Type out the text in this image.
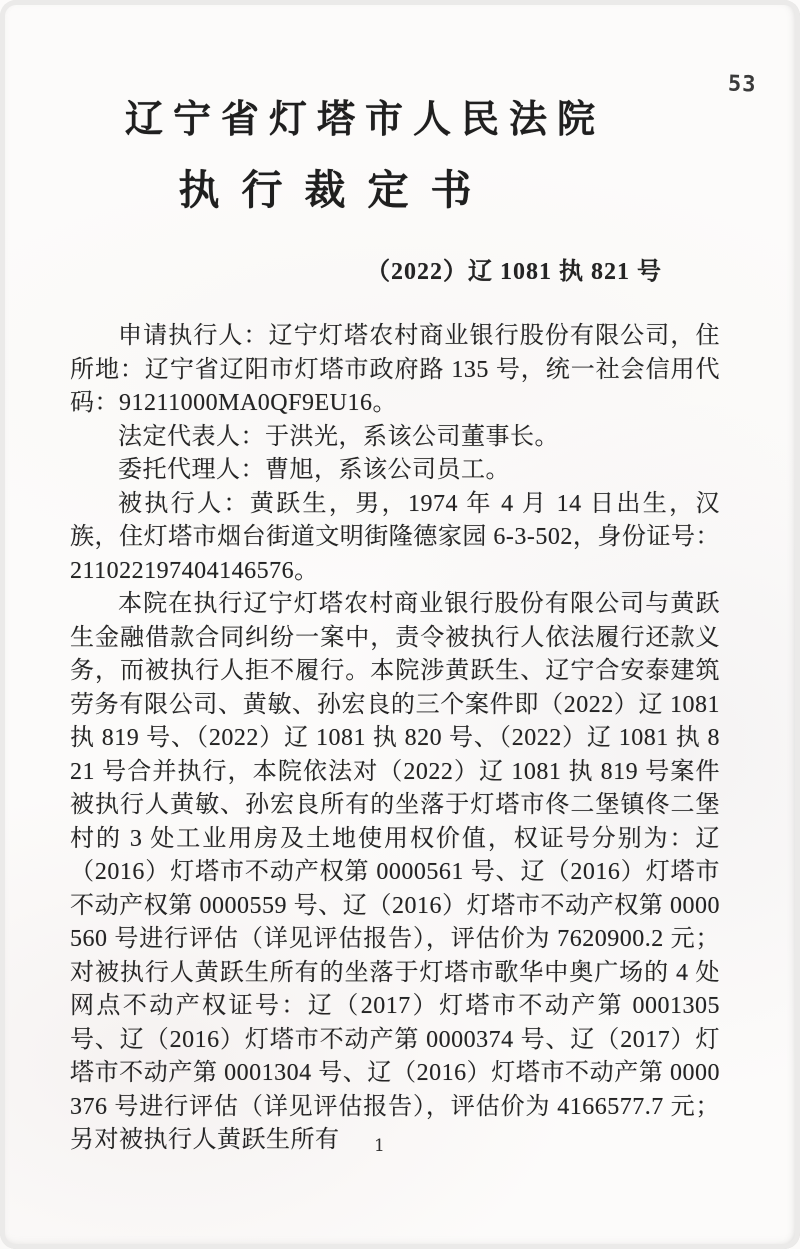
53
辽宁省灯塔市人民法院
执行裁定书
（2022）辽 1081 执 821 号

申请执行人：辽宁灯塔农村商业银行股份有限公司，住所地：辽宁省辽阳市灯塔市政府路 135 号，统一社会信用代码：91211000MA0QF9EU16。

法定代表人：于洪光，系该公司董事长。

委托代理人：曹旭，系该公司员工。

被执行人：黄跃生，男，1974 年 4 月 14 日出生，汉族，住灯塔市烟台街道文明街隆德家园 6-3-502，身份证号：211022197404146576。

本院在执行辽宁灯塔农村商业银行股份有限公司与黄跃生金融借款合同纠纷一案中，责令被执行人依法履行还款义务，而被执行人拒不履行。本院涉黄跃生、辽宁合安泰建筑劳务有限公司、黄敏、孙宏良的三个案件即（2022）辽 1081 执 819 号、（2022）辽 1081 执 820 号、（2022）辽 1081 执 821 号合并执行，本院依法对（2022）辽 1081 执 819 号案件被执行人黄敏、孙宏良所有的坐落于灯塔市佟二堡镇佟二堡村的 3 处工业用房及土地使用权价值，权证号分别为：辽（2016）灯塔市不动产权第 0000561 号、辽（2016）灯塔市不动产权第 0000559 号、辽（2016）灯塔市不动产权第 0000560 号进行评估（详见评估报告），评估价为 7620900.2 元；对被执行人黄跃生所有的坐落于灯塔市歌华中奥广场的 4 处网点不动产权证号：辽（2017）灯塔市不动产第 0001305 号、辽（2016）灯塔市不动产第 0000374 号、辽（2017）灯塔市不动产第 0001304 号、辽（2016）灯塔市不动产第 0000376 号进行评估（详见评估报告），评估价为 4166577.7 元；另对被执行人黄跃生所有	1
